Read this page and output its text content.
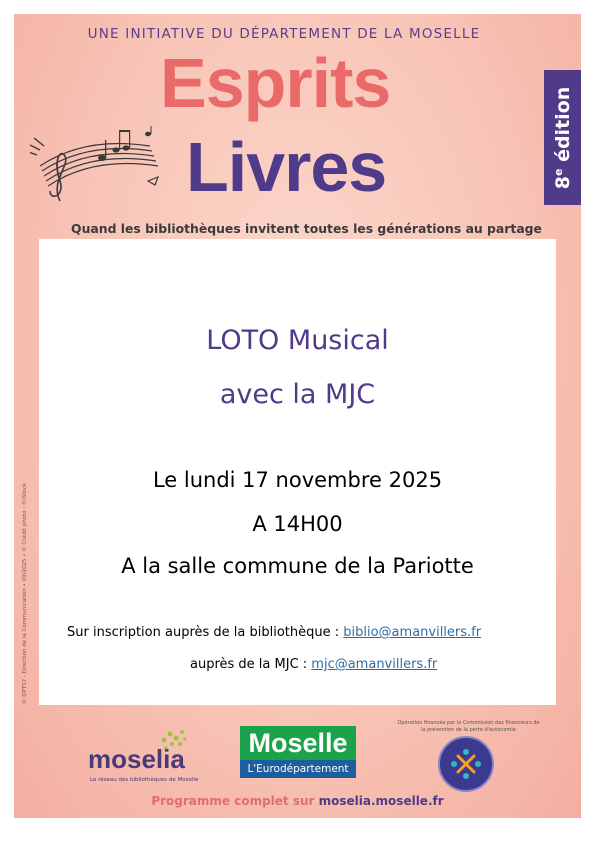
UNE INITIATIVE DU DÉPARTEMENT DE LA MOSELLE
Esprits
Livres	8e édition
Quand les bibliothèques invitent toutes les générations au partage
LOTO Musical
avec la MJC
Le lundi 17 novembre 2025
A 14H00
A la salle commune de la Pariotte
Sur inscription auprès de la bibliothèque : biblio@amanvillers.fr
auprès de la MJC : mjc@amanvillers.fr
© DPTS7 - Direction de la Communication • 09/2025 • © Crédit photo : ©iStock
moselia
Le réseau des bibliothèques de Moselle
Moselle
L'Eurodépartement
Opération financée par la Commission des financeurs de la prévention de la perte d'autonomie
Programme complet sur moselia.moselle.fr
